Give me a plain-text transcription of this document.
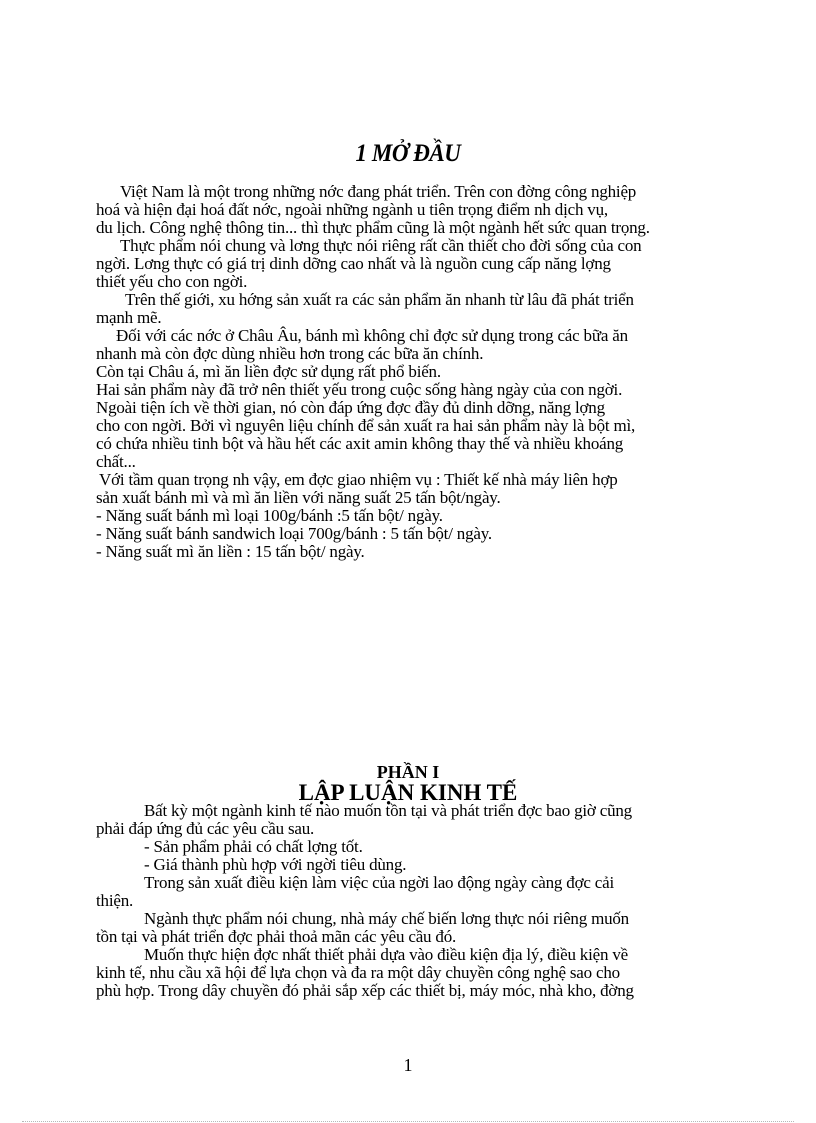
1 MỞ ĐẦU
Việt Nam là một trong những nớc đang phát triển. Trên con đờng công nghiệp
hoá và hiện đại hoá đất nớc, ngoài những ngành u tiên trọng điểm nh dịch vụ,
du lịch. Công nghệ thông tin... thì thực phẩm cũng là một ngành hết sức quan trọng.
Thực phẩm nói chung và lơng thực nói riêng rất cần thiết cho đời sống của con
ngời. Lơng thực có giá trị dinh dỡng cao nhất và là nguồn cung cấp năng lợng
thiết yếu cho con ngời.
Trên thế giới, xu hớng sản xuất ra các sản phẩm ăn nhanh từ lâu đã phát triển
mạnh mẽ.
Đối với các nớc ở Châu Âu, bánh mì không chỉ đợc sử dụng trong các bữa ăn
nhanh mà còn đợc dùng nhiều hơn trong các bữa ăn chính.
Còn tại Châu á, mì ăn liền đợc sử dụng rất phổ biến.
Hai sản phẩm này đã trở nên thiết yếu trong cuộc sống hàng ngày của con ngời.
Ngoài tiện ích về thời gian, nó còn đáp ứng đợc đầy đủ dinh dỡng, năng lợng
cho con ngời. Bởi vì nguyên liệu chính để sản xuất ra hai sản phẩm này là bột mì,
có chứa nhiều tinh bột và hầu hết các axit amin không thay thế và nhiều khoáng
chất...
Với tầm quan trọng nh vậy, em đợc giao nhiệm vụ : Thiết kế nhà máy liên hợp
sản xuất bánh mì và mì ăn liền với năng suất 25 tấn bột/ngày.
- Năng suất bánh mì loại 100g/bánh :5 tấn bột/ ngày.
- Năng suất bánh sandwich loại 700g/bánh : 5 tấn bột/ ngày.
- Năng suất mì ăn liền : 15 tấn bột/ ngày.
PHẦN I
LẬP LUẬN KINH TẾ
Bất kỳ một ngành kinh tế nào muốn tồn tại và phát triển đợc bao giờ cũng
phải đáp ứng đủ các yêu cầu sau.
- Sản phẩm phải có chất lợng tốt.
- Giá thành phù hợp với ngời tiêu dùng.
Trong sản xuất điều kiện làm việc của ngời lao động ngày càng đợc cải
thiện.
Ngành thực phẩm nói chung, nhà máy chế biến lơng thực nói riêng muốn
tồn tại và phát triển đợc phải thoả mãn các yêu cầu đó.
Muốn thực hiện đợc nhất thiết phải dựa vào điều kiện địa lý, điều kiện về
kinh tế, nhu cầu xã hội để lựa chọn và đa ra một dây chuyền công nghệ sao cho
phù hợp. Trong dây chuyền đó phải sắp xếp các thiết bị, máy móc, nhà kho, đờng
1
